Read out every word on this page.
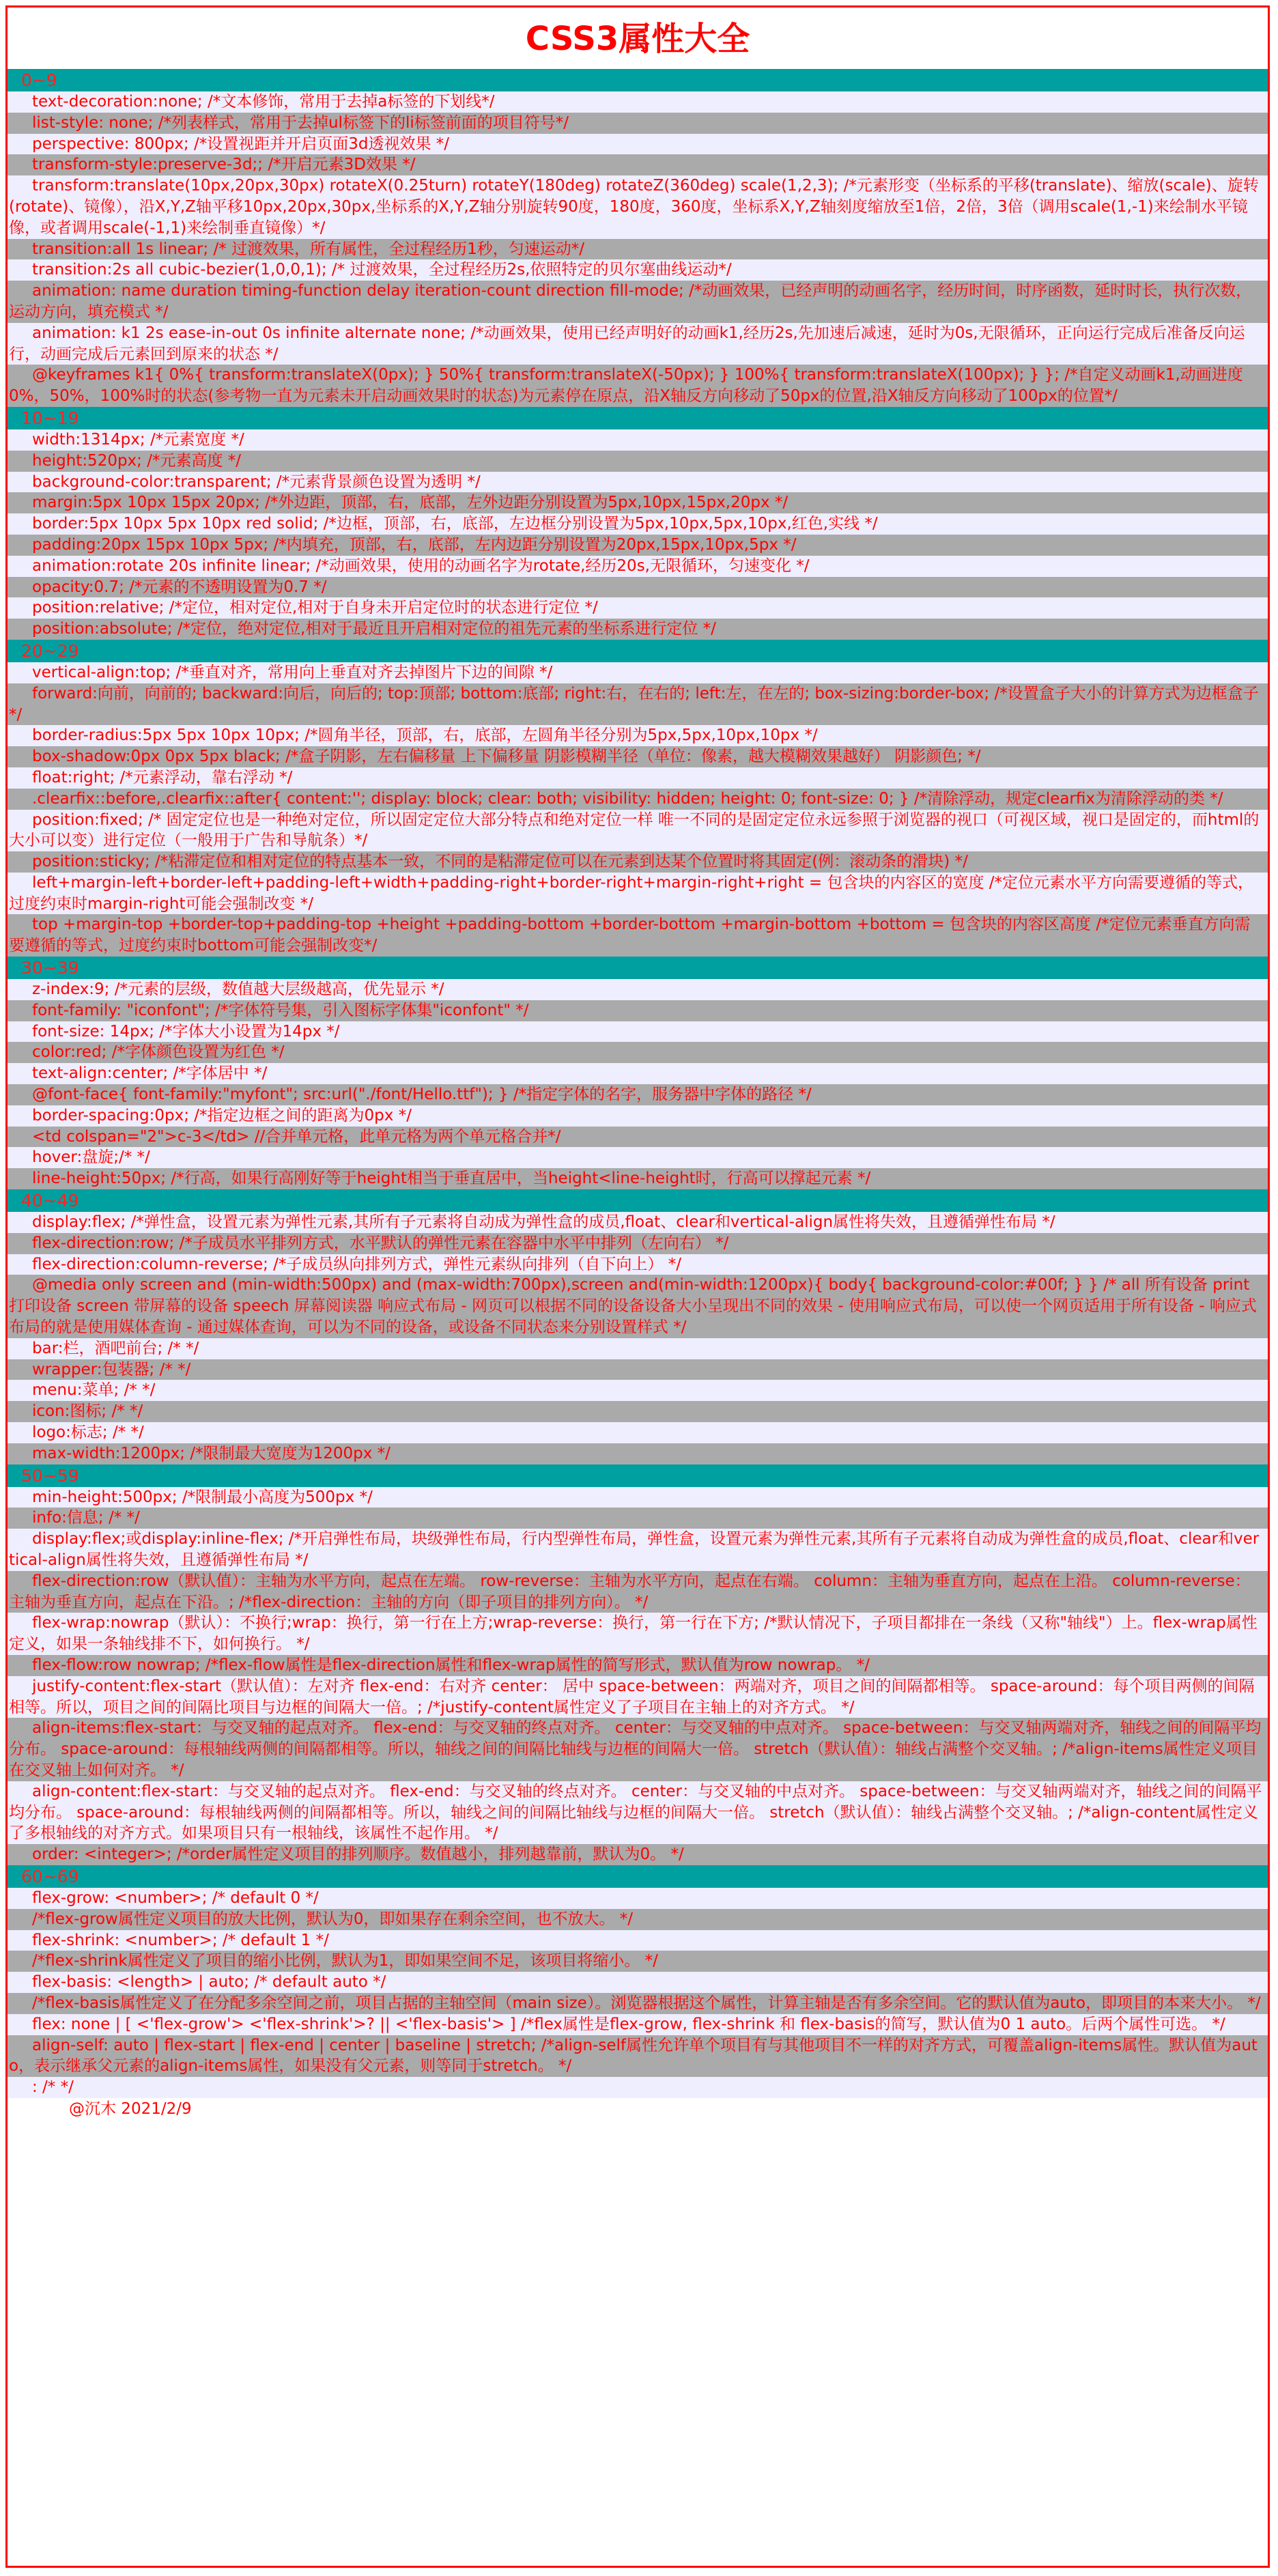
CSS3属性大全
0~9
text-decoration:none; /*文本修饰，常用于去掉a标签的下划线*/
list-style: none; /*列表样式，常用于去掉ul标签下的li标签前面的项目符号*/
perspective: 800px; /*设置视距并开启页面3d透视效果 */
transform-style:preserve-3d;; /*开启元素3D效果 */
transform:translate(10px,20px,30px) rotateX(0.25turn) rotateY(180deg) rotateZ(360deg) scale(1,2,3); /*元素形变（坐标系的平移(translate)、缩放(scale)、旋转(rotate)、镜像），沿X,Y,Z轴平移10px,20px,30px,坐标系的X,Y,Z轴分别旋转90度，180度，360度，坐标系X,Y,Z轴刻度缩放至1倍，2倍，3倍（调用scale(1,-1)来绘制水平镜像，或者调用scale(-1,1)来绘制垂直镜像）*/
transition:all 1s linear; /* 过渡效果，所有属性，全过程经历1秒，匀速运动*/
transition:2s all cubic-bezier(1,0,0,1); /* 过渡效果，全过程经历2s,依照特定的贝尔塞曲线运动*/
animation: name duration timing-function delay iteration-count direction fill-mode; /*动画效果，已经声明的动画名字，经历时间，时序函数，延时时长，执行次数，运动方向，填充模式 */
animation: k1 2s ease-in-out 0s infinite alternate none; /*动画效果，使用已经声明好的动画k1,经历2s,先加速后减速，延时为0s,无限循环，正向运行完成后准备反向运行，动画完成后元素回到原来的状态 */
@keyframes k1{ 0%{ transform:translateX(0px); } 50%{ transform:translateX(-50px); } 100%{ transform:translateX(100px); } }; /*自定义动画k1,动画进度0%，50%，100%时的状态(参考物一直为元素未开启动画效果时的状态)为元素停在原点，沿X轴反方向移动了50px的位置,沿X轴反方向移动了100px的位置*/
10~19
width:1314px; /*元素宽度 */
height:520px; /*元素高度 */
background-color:transparent; /*元素背景颜色设置为透明 */
margin:5px 10px 15px 20px; /*外边距，顶部，右，底部，左外边距分别设置为5px,10px,15px,20px */
border:5px 10px 5px 10px red solid; /*边框，顶部，右，底部，左边框分别设置为5px,10px,5px,10px,红色,实线 */
padding:20px 15px 10px 5px; /*内填充，顶部，右，底部，左内边距分别设置为20px,15px,10px,5px */
animation:rotate 20s infinite linear; /*动画效果，使用的动画名字为rotate,经历20s,无限循环，匀速变化 */
opacity:0.7; /*元素的不透明设置为0.7 */
position:relative; /*定位，相对定位,相对于自身未开启定位时的状态进行定位 */
position:absolute; /*定位，绝对定位,相对于最近且开启相对定位的祖先元素的坐标系进行定位 */
20~29
vertical-align:top; /*垂直对齐，常用向上垂直对齐去掉图片下边的间隙 */
forward:向前，向前的; backward:向后，向后的; top:顶部; bottom:底部; right:右，在右的; left:左，在左的; box-sizing:border-box; /*设置盒子大小的计算方式为边框盒子 */
border-radius:5px 5px 10px 10px; /*圆角半径，顶部，右，底部，左圆角半径分别为5px,5px,10px,10px */
box-shadow:0px 0px 5px black; /*盒子阴影，左右偏移量 上下偏移量 阴影模糊半径（单位：像素，越大模糊效果越好） 阴影颜色; */
float:right; /*元素浮动，靠右浮动 */
.clearfix::before,.clearfix::after{ content:''; display: block; clear: both; visibility: hidden; height: 0; font-size: 0; } /*清除浮动，规定clearfix为清除浮动的类 */
position:fixed; /* 固定定位也是一种绝对定位，所以固定定位大部分特点和绝对定位一样 唯一不同的是固定定位永远参照于浏览器的视口（可视区域，视口是固定的，而html的大小可以变）进行定位（一般用于广告和导航条）*/
position:sticky; /*粘滞定位和相对定位的特点基本一致，不同的是粘滞定位可以在元素到达某个位置时将其固定(例：滚动条的滑块) */
left+margin-left+border-left+padding-left+width+padding-right+border-right+margin-right+right = 包含块的内容区的宽度 /*定位元素水平方向需要遵循的等式，过度约束时margin-right可能会强制改变 */
top +margin-top +border-top+padding-top +height +padding-bottom +border-bottom +margin-bottom +bottom = 包含块的内容区高度 /*定位元素垂直方向需要遵循的等式，过度约束时bottom可能会强制改变*/
30~39
z-index:9; /*元素的层级，数值越大层级越高，优先显示 */
font-family: "iconfont"; /*字体符号集，引入图标字体集"iconfont" */
font-size: 14px; /*字体大小设置为14px */
color:red; /*字体颜色设置为红色 */
text-align:center; /*字体居中 */
@font-face{ font-family:"myfont"; src:url("./font/Hello.ttf"); } /*指定字体的名字，服务器中字体的路径 */
border-spacing:0px; /*指定边框之间的距离为0px */
<td colspan="2">c-3</td> //合并单元格，此单元格为两个单元格合并*/
hover:盘旋;/* */
line-height:50px; /*行高，如果行高刚好等于height相当于垂直居中，当height<line-height时，行高可以撑起元素 */
40~49
display:flex; /*弹性盒，设置元素为弹性元素,其所有子元素将自动成为弹性盒的成员,float、clear和vertical-align属性将失效，且遵循弹性布局 */
flex-direction:row; /*子成员水平排列方式，水平默认的弹性元素在容器中水平中排列（左向右） */
flex-direction:column-reverse; /*子成员纵向排列方式，弹性元素纵向排列（自下向上） */
@media only screen and (min-width:500px) and (max-width:700px),screen and(min-width:1200px){ body{ background-color:#00f; } } /* all 所有设备 print 打印设备 screen 带屏幕的设备 speech 屏幕阅读器 响应式布局 - 网页可以根据不同的设备设备大小呈现出不同的效果 - 使用响应式布局，可以使一个网页适用于所有设备 - 响应式布局的就是使用媒体查询 - 通过媒体查询，可以为不同的设备，或设备不同状态来分别设置样式 */
bar:栏，酒吧前台; /* */
wrapper:包装器; /* */
menu:菜单; /* */
icon:图标; /* */
logo:标志; /* */
max-width:1200px; /*限制最大宽度为1200px */
50~59
min-height:500px; /*限制最小高度为500px */
info:信息; /* */
display:flex;或display:inline-flex; /*开启弹性布局，块级弹性布局，行内型弹性布局，弹性盒，设置元素为弹性元素,其所有子元素将自动成为弹性盒的成员,float、clear和vertical-align属性将失效，且遵循弹性布局 */
flex-direction:row（默认值）：主轴为水平方向，起点在左端。 row-reverse：主轴为水平方向，起点在右端。 column：主轴为垂直方向，起点在上沿。 column-reverse：主轴为垂直方向，起点在下沿。; /*flex-direction：主轴的方向（即子项目的排列方向）。 */
flex-wrap:nowrap（默认）：不换行;wrap：换行，第一行在上方;wrap-reverse：换行，第一行在下方; /*默认情况下，子项目都排在一条线（又称"轴线"）上。flex-wrap属性定义，如果一条轴线排不下，如何换行。 */
flex-flow:row nowrap; /*flex-flow属性是flex-direction属性和flex-wrap属性的简写形式，默认值为row nowrap。 */
justify-content:flex-start（默认值）：左对齐 flex-end：右对齐 center： 居中 space-between：两端对齐，项目之间的间隔都相等。 space-around：每个项目两侧的间隔相等。所以，项目之间的间隔比项目与边框的间隔大一倍。; /*justify-content属性定义了子项目在主轴上的对齐方式。 */
align-items:flex-start：与交叉轴的起点对齐。 flex-end：与交叉轴的终点对齐。 center：与交叉轴的中点对齐。 space-between：与交叉轴两端对齐，轴线之间的间隔平均分布。 space-around：每根轴线两侧的间隔都相等。所以，轴线之间的间隔比轴线与边框的间隔大一倍。 stretch（默认值）：轴线占满整个交叉轴。; /*align-items属性定义项目在交叉轴上如何对齐。 */
align-content:flex-start：与交叉轴的起点对齐。 flex-end：与交叉轴的终点对齐。 center：与交叉轴的中点对齐。 space-between：与交叉轴两端对齐，轴线之间的间隔平均分布。 space-around：每根轴线两侧的间隔都相等。所以，轴线之间的间隔比轴线与边框的间隔大一倍。 stretch（默认值）：轴线占满整个交叉轴。; /*align-content属性定义了多根轴线的对齐方式。如果项目只有一根轴线，该属性不起作用。 */
order: <integer>; /*order属性定义项目的排列顺序。数值越小，排列越靠前，默认为0。 */
60~69
flex-grow: <number>; /* default 0 */
/*flex-grow属性定义项目的放大比例，默认为0，即如果存在剩余空间，也不放大。 */
flex-shrink: <number>; /* default 1 */
/*flex-shrink属性定义了项目的缩小比例，默认为1，即如果空间不足，该项目将缩小。 */
flex-basis: <length> | auto; /* default auto */
/*flex-basis属性定义了在分配多余空间之前，项目占据的主轴空间（main size）。浏览器根据这个属性，计算主轴是否有多余空间。它的默认值为auto，即项目的本来大小。 */
flex: none | [ <'flex-grow'> <'flex-shrink'>? || <'flex-basis'> ] /*flex属性是flex-grow, flex-shrink 和 flex-basis的简写，默认值为0 1 auto。后两个属性可选。 */
align-self: auto | flex-start | flex-end | center | baseline | stretch; /*align-self属性允许单个项目有与其他项目不一样的对齐方式，可覆盖align-items属性。默认值为auto，表示继承父元素的align-items属性，如果没有父元素，则等同于stretch。 */
: /* */
@沉木 2021/2/9
